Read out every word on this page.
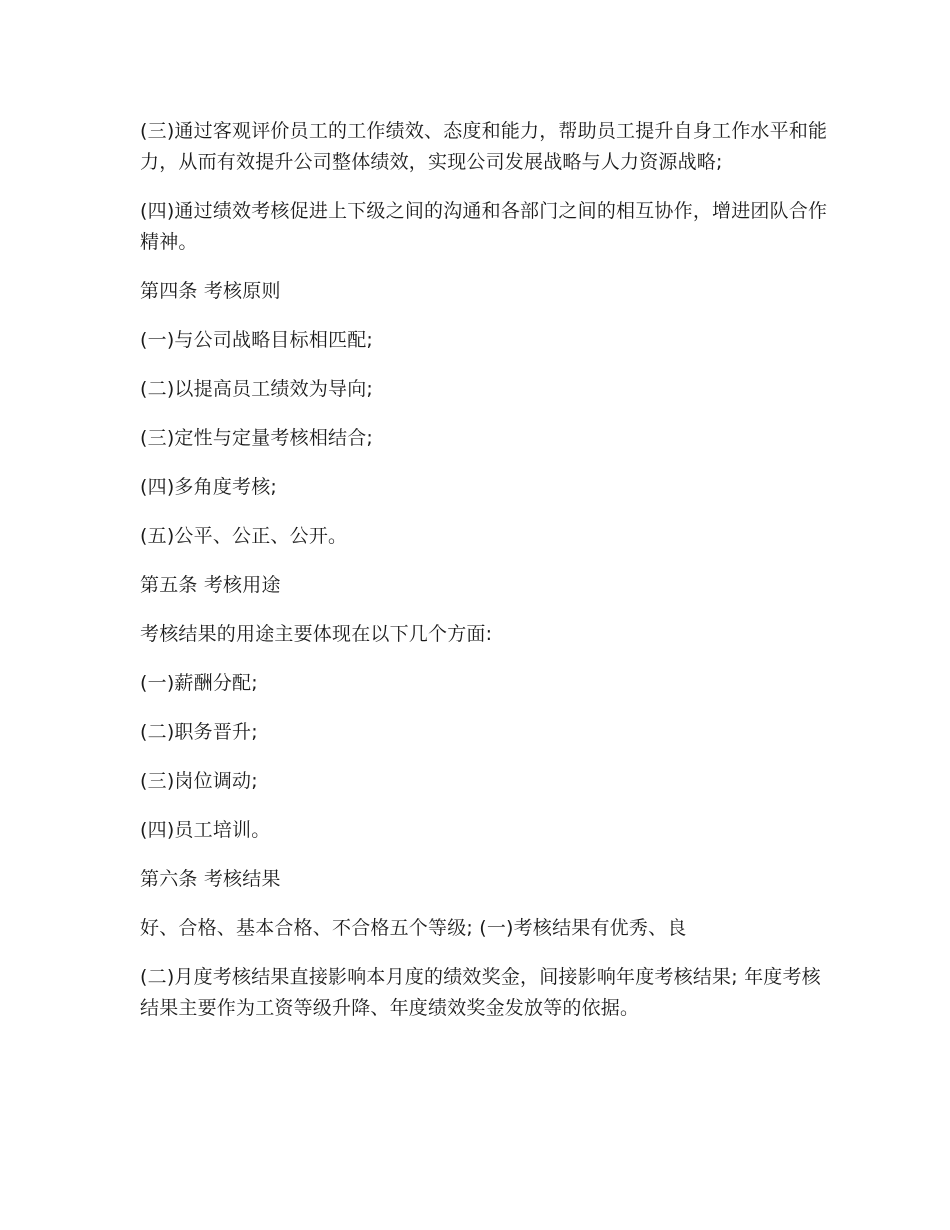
(三)通过客观评价员工的工作绩效、态度和能力，帮助员工提升自身工作水平和能力，从而有效提升公司整体绩效，实现公司发展战略与人力资源战略;

(四)通过绩效考核促进上下级之间的沟通和各部门之间的相互协作，增进团队合作精神。

第四条 考核原则

(一)与公司战略目标相匹配;

(二)以提高员工绩效为导向;

(三)定性与定量考核相结合;

(四)多角度考核;

(五)公平、公正、公开。

第五条 考核用途

考核结果的用途主要体现在以下几个方面:

(一)薪酬分配;

(二)职务晋升;

(三)岗位调动;

(四)员工培训。

第六条 考核结果

好、合格、基本合格、不合格五个等级; (一)考核结果有优秀、良

(二)月度考核结果直接影响本月度的绩效奖金，间接影响年度考核结果; 年度考核结果主要作为工资等级升降、年度绩效奖金发放等的依据。
